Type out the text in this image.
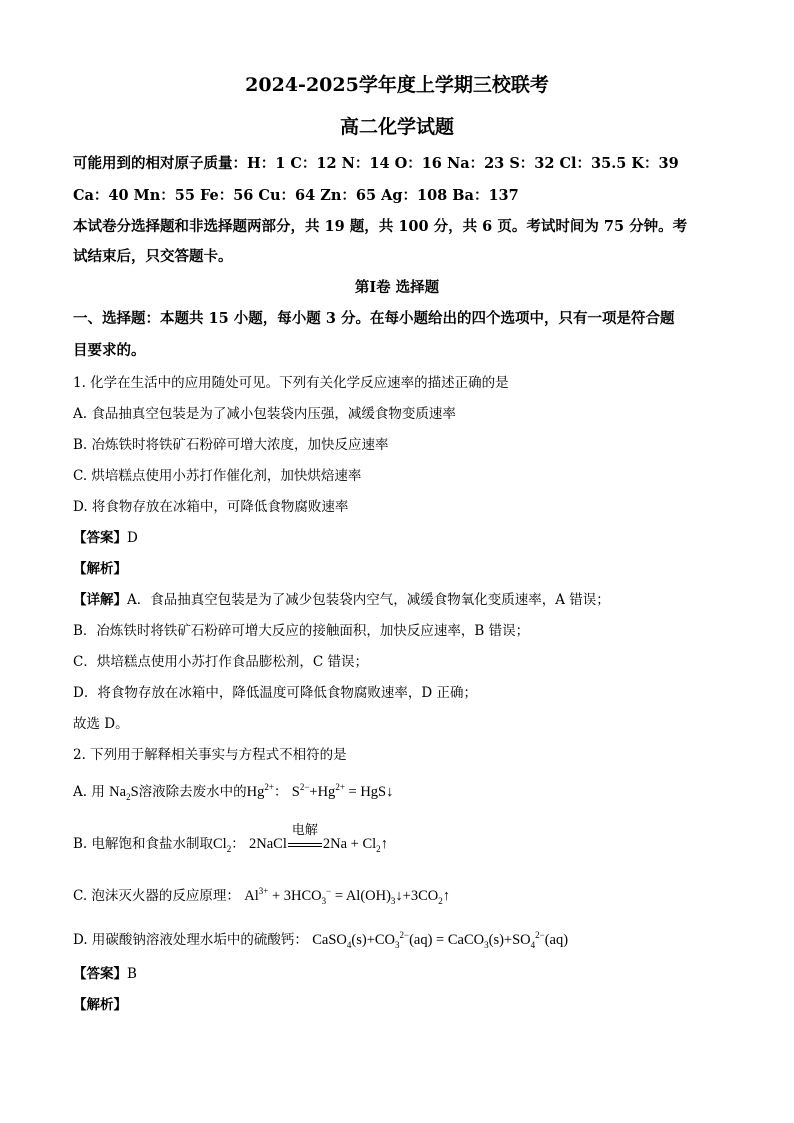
2024-2025学年度上学期三校联考
高二化学试题
可能用到的相对原子质量：H：1 C：12 N：14 O：16 Na：23 S：32 Cl：35.5 K：39
Ca：40 Mn：55 Fe：56 Cu：64 Zn：65 Ag：108 Ba：137
本试卷分选择题和非选择题两部分，共 19 题，共 100 分，共 6 页。考试时间为 75 分钟。考
试结束后，只交答题卡。
第Ⅰ卷 选择题
一、选择题：本题共 15 小题，每小题 3 分。在每小题给出的四个选项中，只有一项是符合题
目要求的。
1. 化学在生活中的应用随处可见。下列有关化学反应速率的描述正确的是
A. 食品抽真空包装是为了减小包装袋内压强，减缓食物变质速率
B. 冶炼铁时将铁矿石粉碎可增大浓度，加快反应速率
C. 烘培糕点使用小苏打作催化剂，加快烘焙速率
D. 将食物存放在冰箱中，可降低食物腐败速率
【答案】D
【解析】
【详解】A．食品抽真空包装是为了减少包装袋内空气，减缓食物氧化变质速率，A 错误；
B．冶炼铁时将铁矿石粉碎可增大反应的接触面积，加快反应速率，B 错误；
C．烘培糕点使用小苏打作食品膨松剂，C 错误；
D．将食物存放在冰箱中，降低温度可降低食物腐败速率，D 正确；
故选 D。
2. 下列用于解释相关事实与方程式不相符的是
A. 用 $Na_2S$溶液除去废水中的$Hg^{2+}$： $S^{2-}+Hg^{2+}$ = HgS↓
B. 电解饱和食盐水制取$Cl_2$： 2NaCl
电解
$2Na + Cl_2↑$
C. 泡沫灭火器的反应原理： $Al^{3+} + 3HCO_3^-$ = $Al(OH)_3↓+3CO_2↑$
D. 用碳酸钠溶液处理水垢中的硫酸钙： $CaSO_4(s)+CO_3^{2-}(aq)$ = $CaCO_3(s)+SO_4^{2-}(aq)$
【答案】B
【解析】
